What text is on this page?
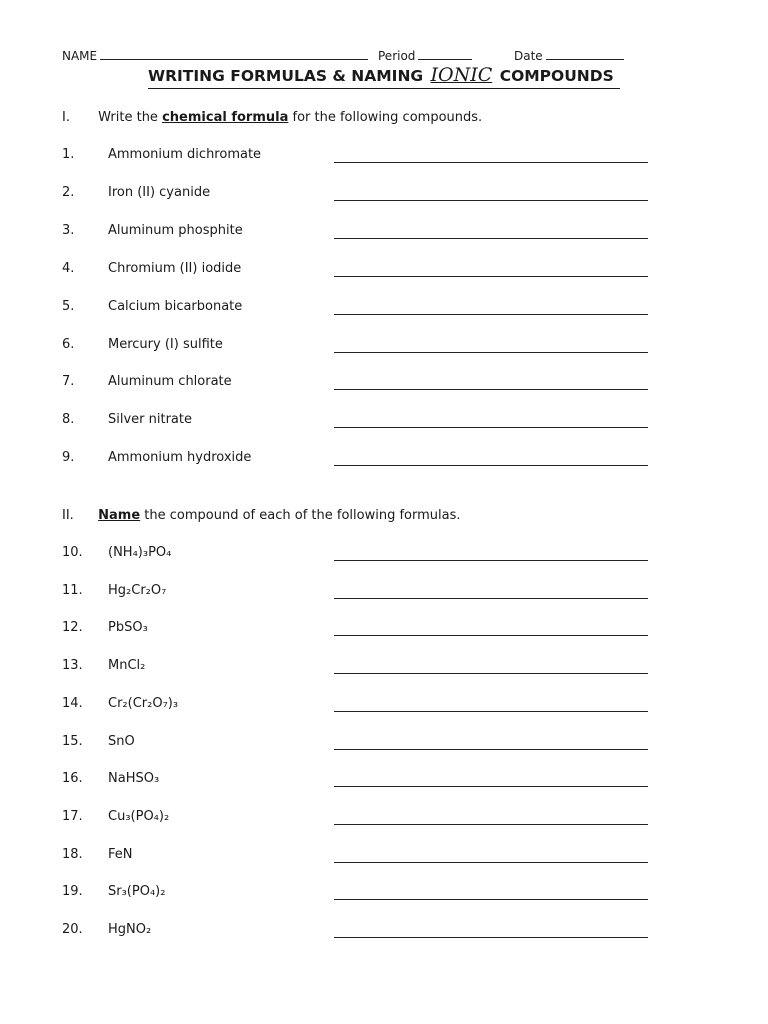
NAME	Period	Date
WRITING FORMULAS & NAMING IONIC COMPOUNDS
I. Write the chemical formula for the following compounds.
1.	Ammonium dichromate
2.	Iron (II) cyanide
3.	Aluminum phosphite
4.	Chromium (II) iodide
5.	Calcium bicarbonate
6.	Mercury (I) sulfite
7.	Aluminum chlorate
8.	Silver nitrate
9.	Ammonium hydroxide
II. Name the compound of each of the following formulas.
10. (NH₄)₃PO₄
11. Hg₂Cr₂O₇
12. PbSO₃
13. MnCl₂
14. Cr₂(Cr₂O₇)₃
15. SnO
16. NaHSO₃
17. Cu₃(PO₄)₂
18. FeN
19. Sr₃(PO₄)₂
20. HgNO₂
